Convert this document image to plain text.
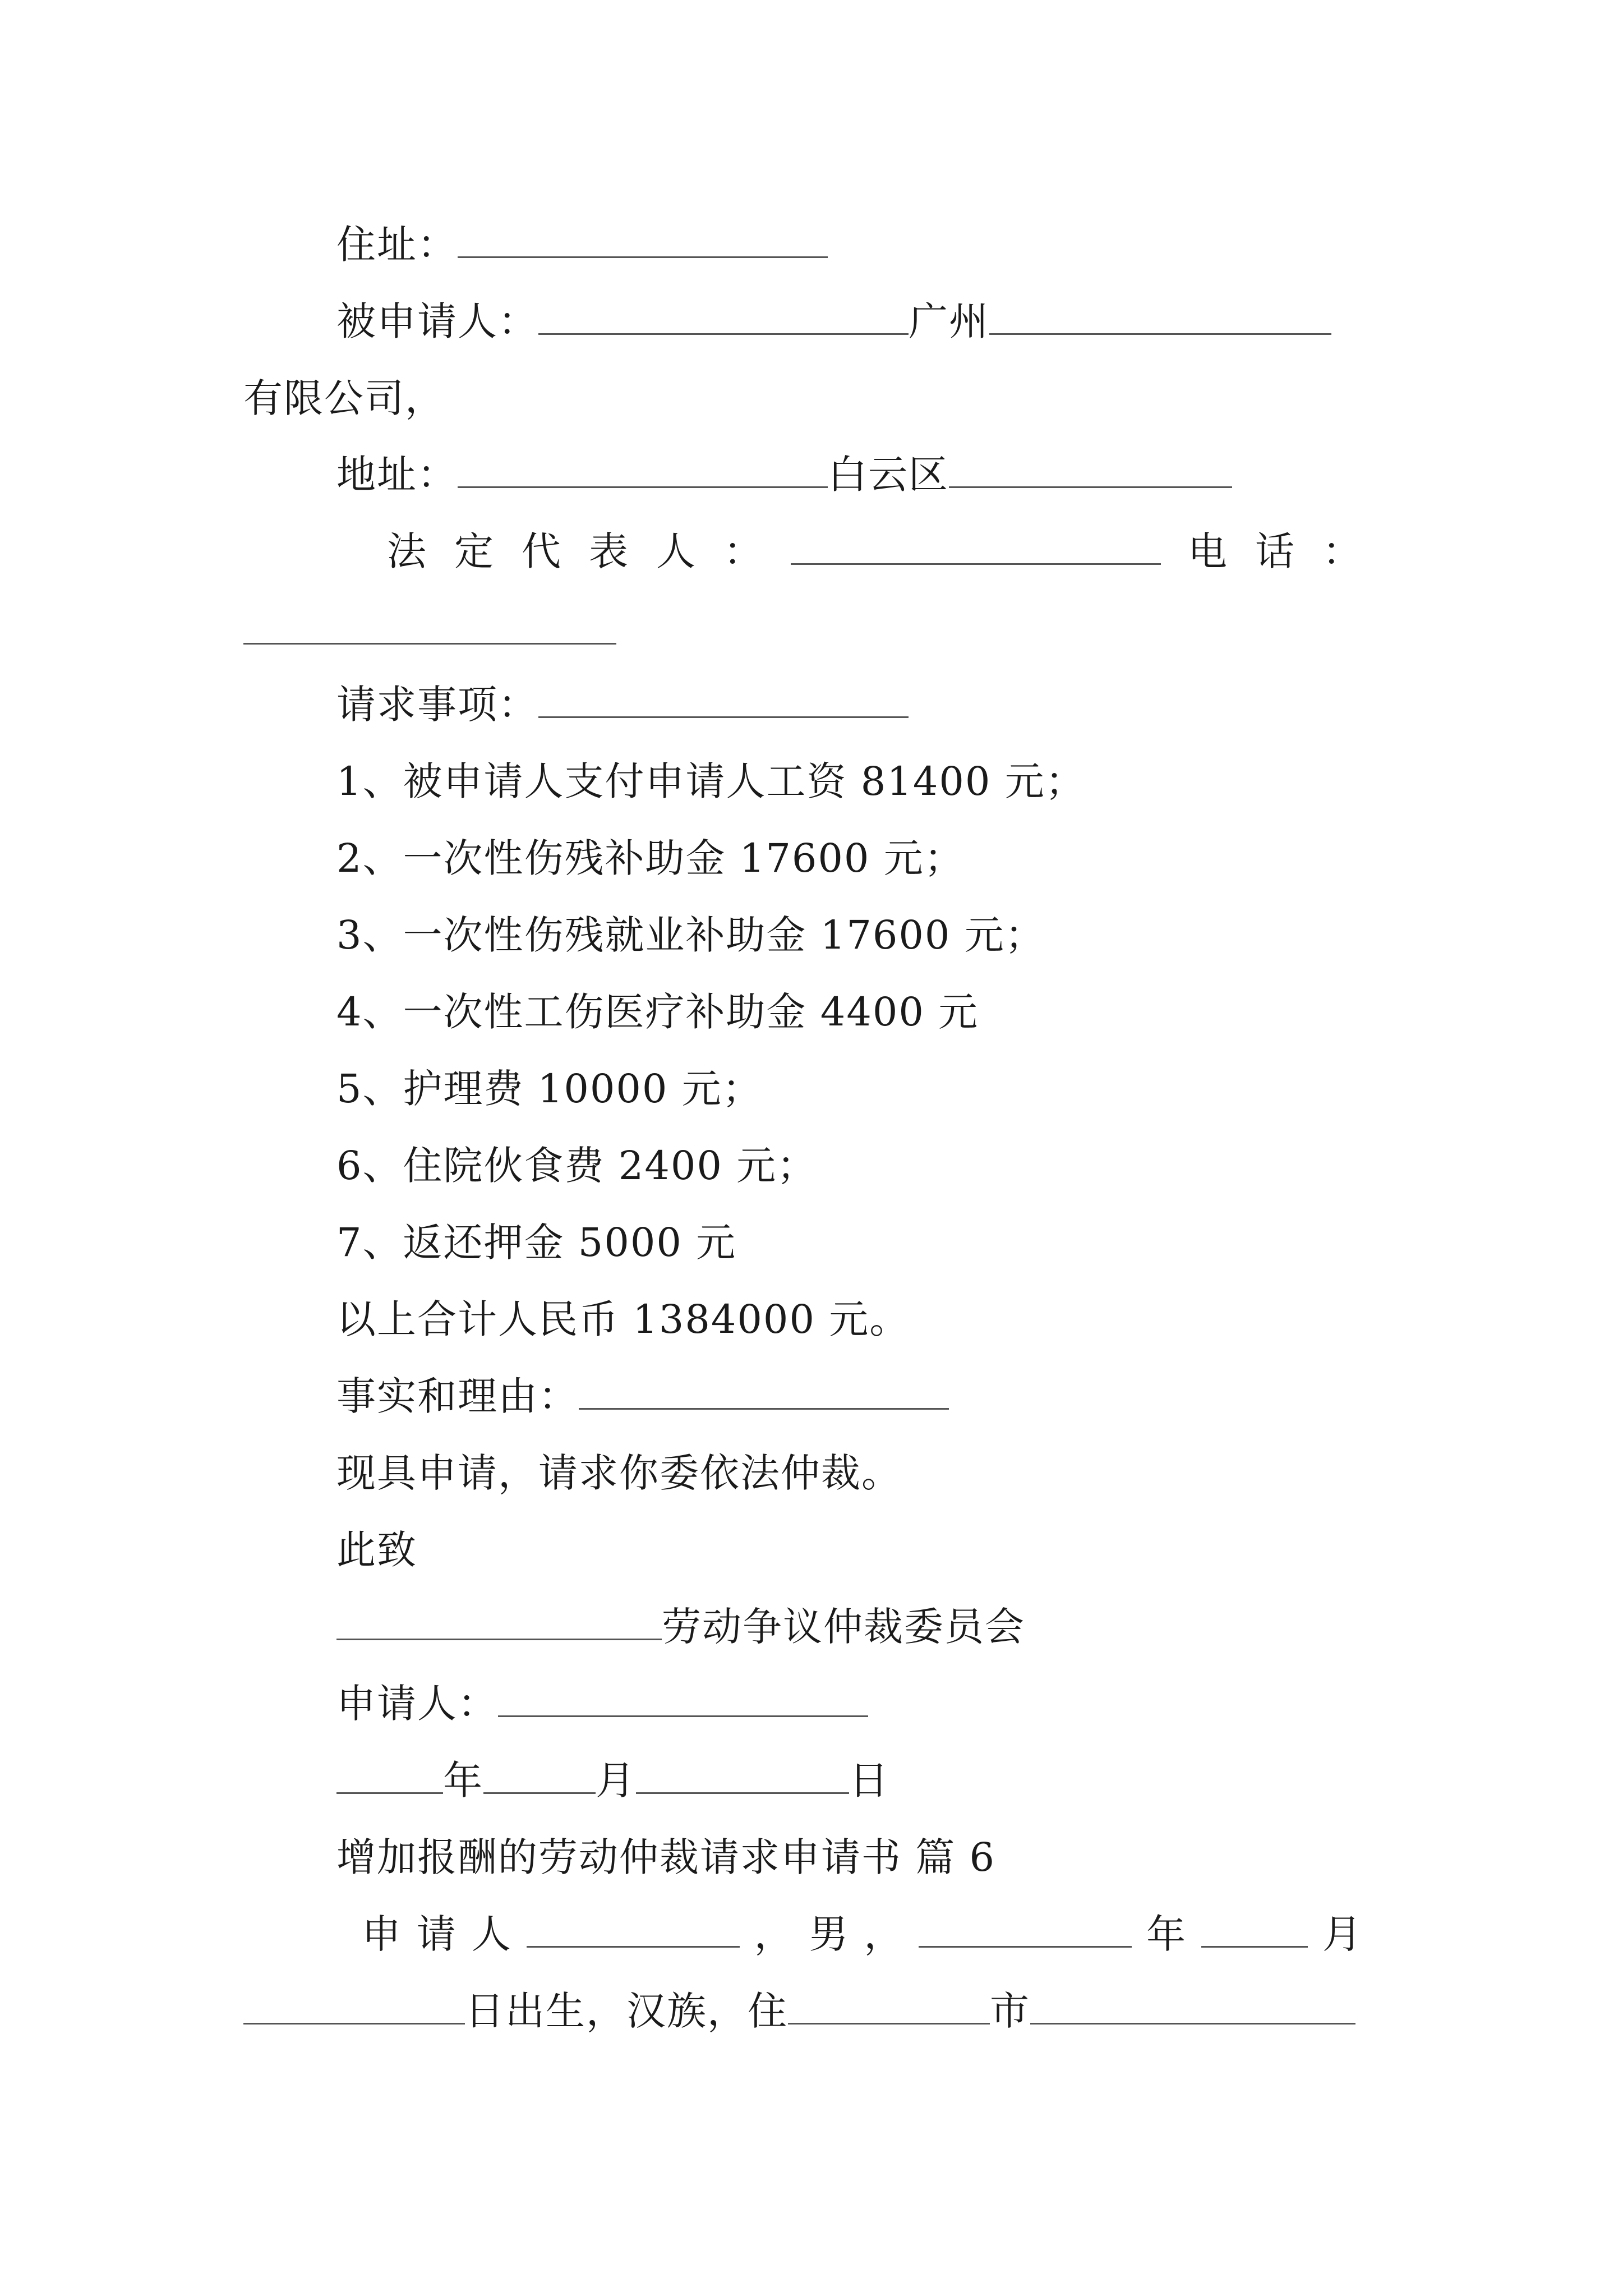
住址：
被申请人：	广州
有限公司，
地址：	白云区
法 定 代 表 人 ：	电 话 ：
请求事项：
1、被申请人支付申请人工资 81400 元；
2、一次性伤残补助金 17600 元；
3、一次性伤残就业补助金 17600 元；
4、一次性工伤医疗补助金 4400 元
5、护理费 10000 元；
6、住院伙食费 2400 元；
7、返还押金 5000 元
以上合计人民币 1384000 元。
事实和理由：
现具申请，请求你委依法仲裁。
此致
劳动争议仲裁委员会
申请人：
年	月	日
增加报酬的劳动仲裁请求申请书 篇 6
申 请 人	， 男 ，	年	月
日出生，汉族，住	市
